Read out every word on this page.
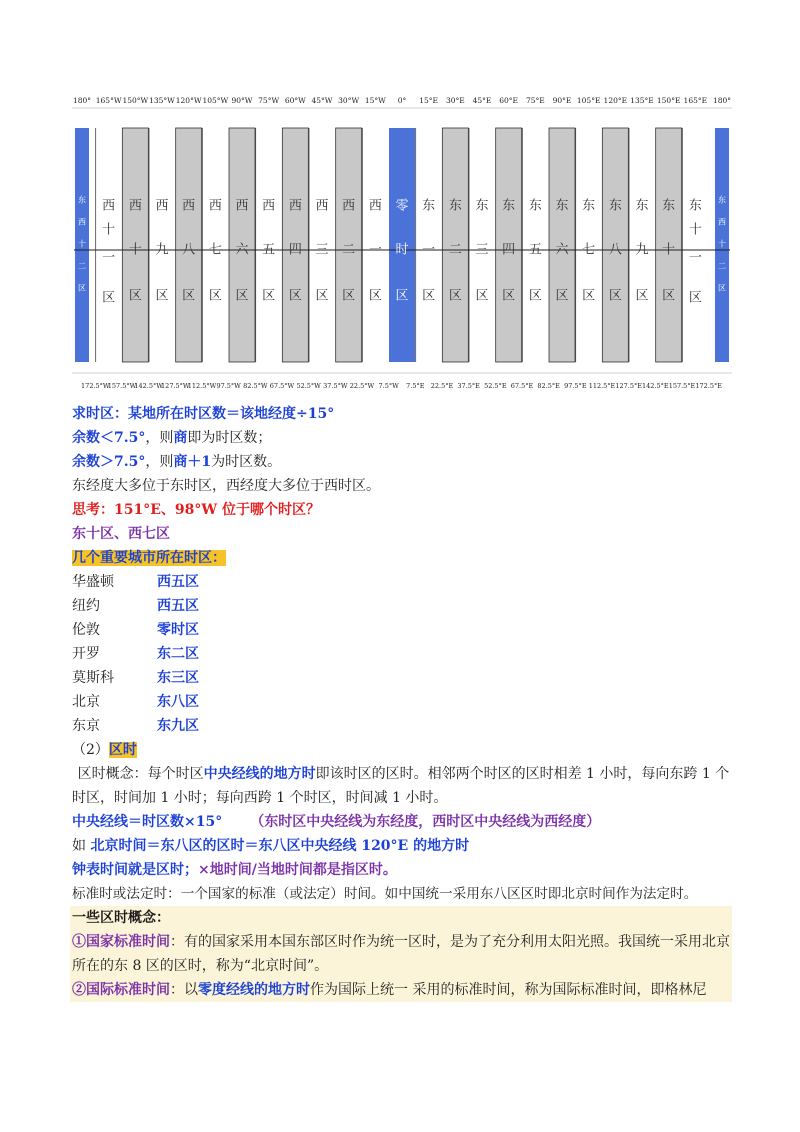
西
十
一
区
西
十
区
西
九
区
西
八
区
西
七
区
西
六
区
西
五
区
西
四
区
西
三
区
西
二
区
西
一
区
零
时
区
东
一
区
东
二
区
东
三
区
东
四
区
东
五
区
东
六
区
东
七
区
东
八
区
东
九
区
东
十
区
东
十
一
区
东
西
十
二
区
东
西
十
二
区
180° 165°W 150°W 135°W 120°W 105°W 90°W 75°W 60°W 45°W 30°W 15°W 0° 15°E 30°E 45°E 60°E 75°E 90°E 105°E 120°E 135°E 150°E 165°E 180°
172.5°W
157.5°W
142.5°W
127.5°W
112.5°W 97.5°W 82.5°W 67.5°W 52.5°W 37.5°W 22.5°W 7.5°W 7.5°E 22.5°E 37.5°E 52.5°E 67.5°E 82.5°E 97.5°E 112.5°E 127.5°E 142.5°E 157.5°E 172.5°E
求时区：某地所在时区数＝该地经度÷15°
余数＜7.5°，则商即为时区数；
余数＞7.5°，则商＋1为时区数。
东经度大多位于东时区，西经度大多位于西时区。
思考：151°E、98°W 位于哪个时区？
东十区、西七区
几个重要城市所在时区：
华盛顿	西五区
纽约	西五区
伦敦	零时区
开罗	东二区
莫斯科	东三区
北京	东八区
东京	东九区
（2）区时
区时概念：每个时区中央经线的地方时即该时区的区时。相邻两个时区的区时相差 1 小时，每向东跨 1 个时区，时间加 1 小时；每向西跨 1 个时区，时间减 1 小时。
中央经线＝时区数×15° （东时区中央经线为东经度，西时区中央经线为西经度）
如 北京时间＝东八区的区时＝东八区中央经线 120°E 的地方时
钟表时间就是区时；×地时间/当地时间都是指区时。
标准时或法定时：一个国家的标准（或法定）时间。如中国统一采用东八区区时即北京时间作为法定时。
一些区时概念：
①国家标准时间：有的国家采用本国东部区时作为统一区时，是为了充分利用太阳光照。我国统一采用北京所在的东 8 区的区时，称为“北京时间”。
②国际标准时间：以零度经线的地方时作为国际上统一 采用的标准时间，称为国际标准时间，即格林尼
